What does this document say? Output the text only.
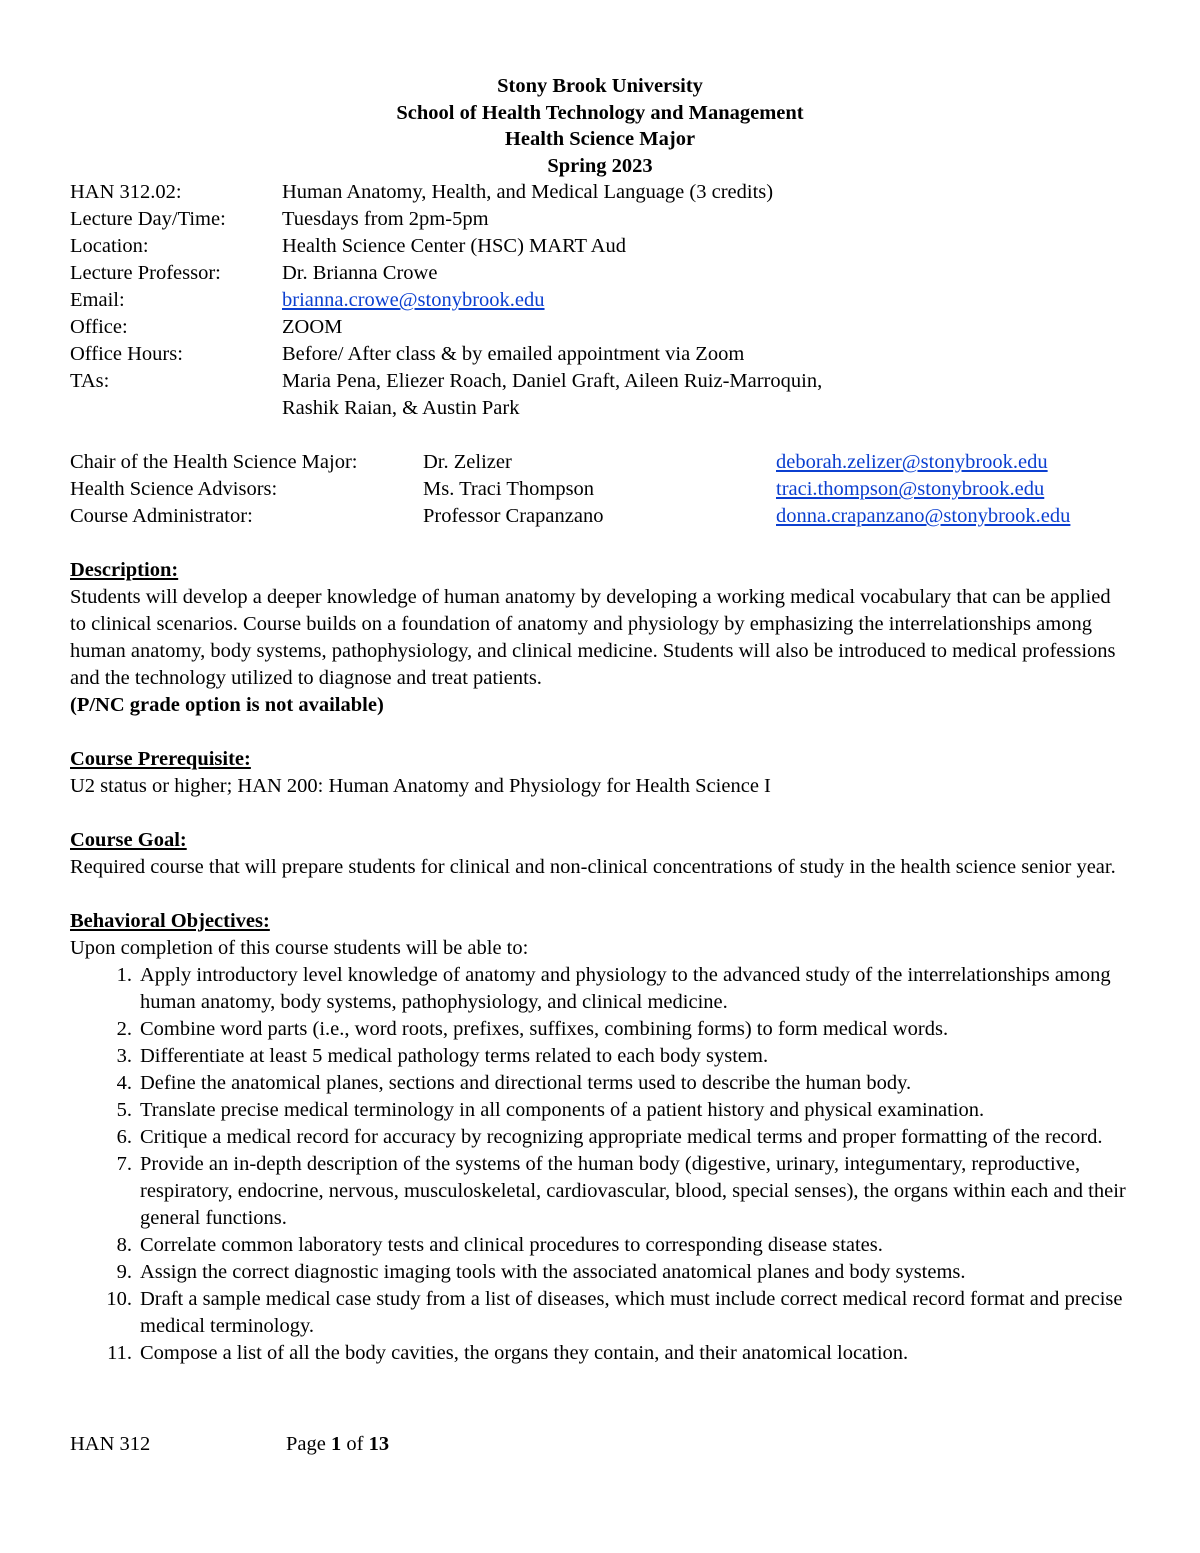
Stony Brook University
School of Health Technology and Management
Health Science Major
Spring 2023
HAN 312.02:	Human Anatomy, Health, and Medical Language (3 credits)
Lecture Day/Time:	Tuesdays from 2pm-5pm
Location:	Health Science Center (HSC) MART Aud
Lecture Professor:	Dr. Brianna Crowe
Email:	brianna.crowe@stonybrook.edu
Office:	ZOOM
Office Hours:	Before/ After class & by emailed appointment via Zoom
TAs:	Maria Pena, Eliezer Roach, Daniel Graft, Aileen Ruiz-Marroquin,
Rashik Raian, & Austin Park
Chair of the Health Science Major:	Dr. Zelizer	deborah.zelizer@stonybrook.edu
Health Science Advisors:	Ms. Traci Thompson	traci.thompson@stonybrook.edu
Course Administrator:	Professor Crapanzano	donna.crapanzano@stonybrook.edu
Description:

Students will develop a deeper knowledge of human anatomy by developing a working medical vocabulary that can be applied to clinical scenarios. Course builds on a foundation of anatomy and physiology by emphasizing the interrelationships among human anatomy, body systems, pathophysiology, and clinical medicine. Students will also be introduced to medical professions and the technology utilized to diagnose and treat patients.

(P/NC grade option is not available)
Course Prerequisite:

U2 status or higher; HAN 200: Human Anatomy and Physiology for Health Science I

Course Goal:

Required course that will prepare students for clinical and non-clinical concentrations of study in the health science senior year.

Behavioral Objectives:
Upon completion of this course students will be able to:
1. Apply introductory level knowledge of anatomy and physiology to the advanced study of the interrelationships among human anatomy, body systems, pathophysiology, and clinical medicine.
2. Combine word parts (i.e., word roots, prefixes, suffixes, combining forms) to form medical words.
3. Differentiate at least 5 medical pathology terms related to each body system.
4. Define the anatomical planes, sections and directional terms used to describe the human body.
5. Translate precise medical terminology in all components of a patient history and physical examination.
6. Critique a medical record for accuracy by recognizing appropriate medical terms and proper formatting of the record.
7. Provide an in-depth description of the systems of the human body (digestive, urinary, integumentary, reproductive, respiratory, endocrine, nervous, musculoskeletal, cardiovascular, blood, special senses), the organs within each and their general functions.
8. Correlate common laboratory tests and clinical procedures to corresponding disease states.
9. Assign the correct diagnostic imaging tools with the associated anatomical planes and body systems.
10. Draft a sample medical case study from a list of diseases, which must include correct medical record format and precise medical terminology.
11. Compose a list of all the body cavities, the organs they contain, and their anatomical location.
HAN 312	Page 1 of 13
